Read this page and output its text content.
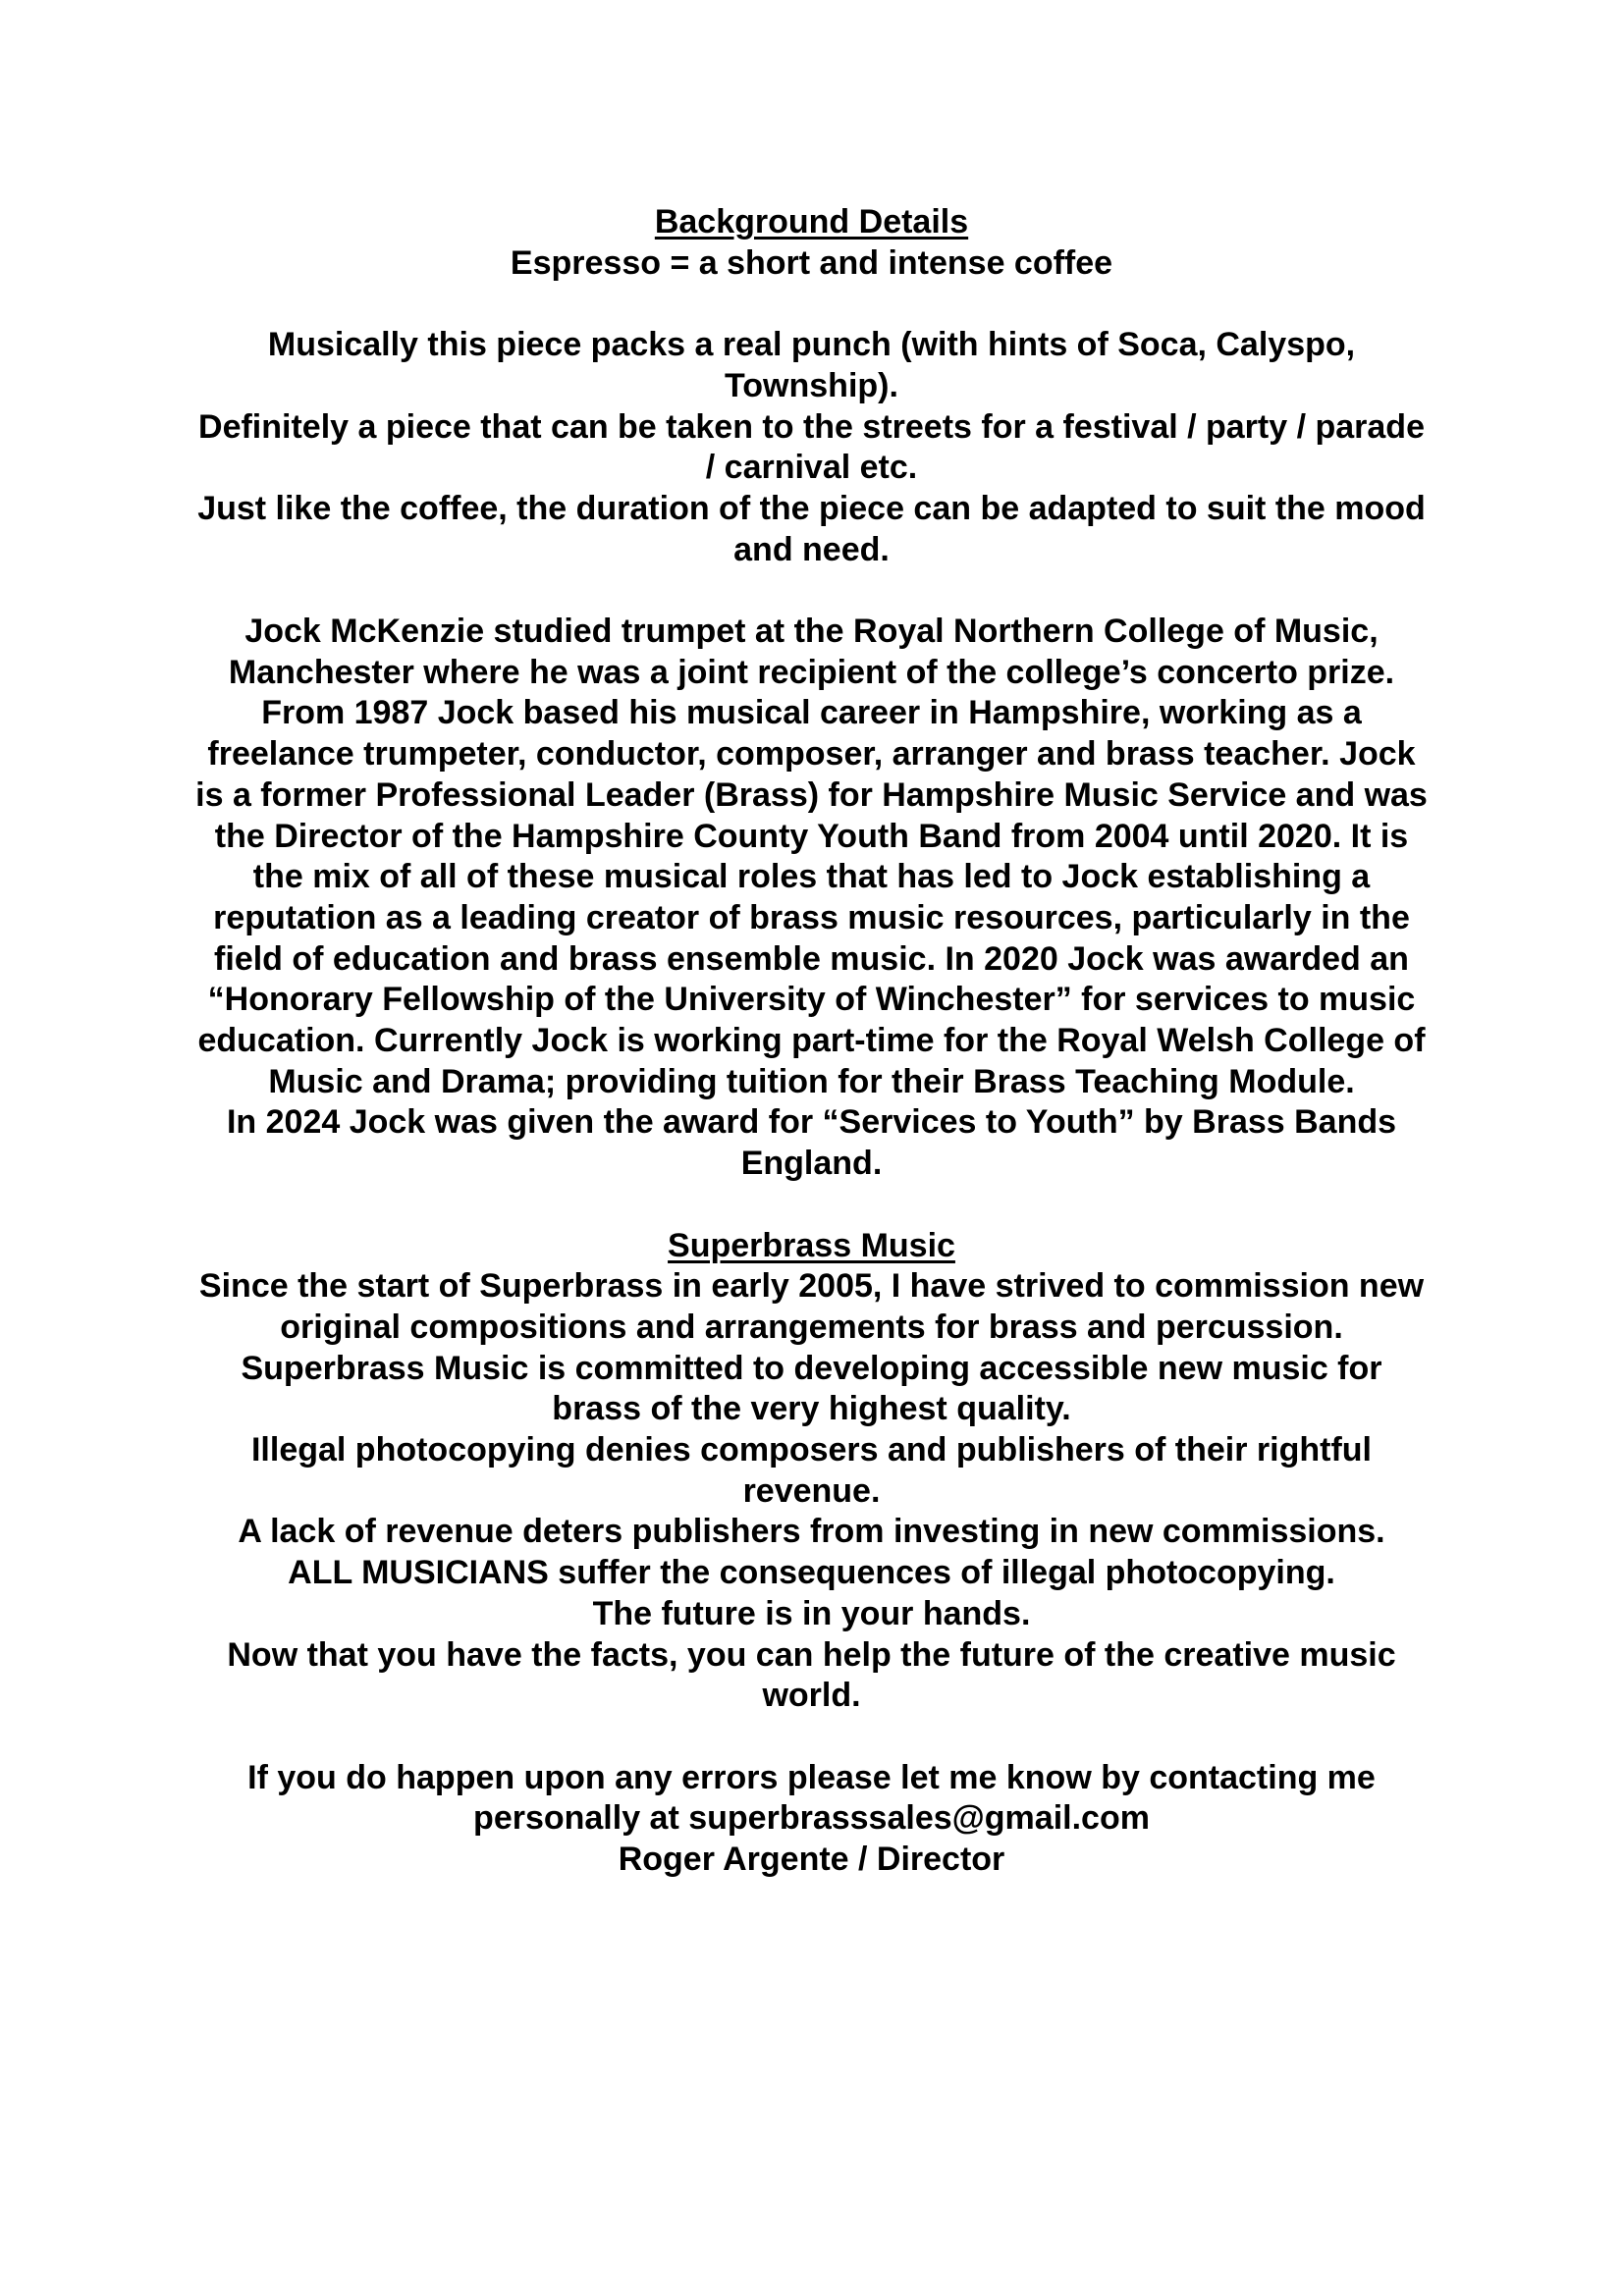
Background Details
Espresso = a short and intense coffee
Musically this piece packs a real punch (with hints of Soca, Calyspo,
Township).
Definitely a piece that can be taken to the streets for a festival / party / parade
/ carnival etc.
Just like the coffee, the duration of the piece can be adapted to suit the mood
and need.
Jock McKenzie studied trumpet at the Royal Northern College of Music,
Manchester where he was a joint recipient of the college’s concerto prize.
From 1987 Jock based his musical career in Hampshire, working as a
freelance trumpeter, conductor, composer, arranger and brass teacher. Jock
is a former Professional Leader (Brass) for Hampshire Music Service and was
the Director of the Hampshire County Youth Band from 2004 until 2020. It is
the mix of all of these musical roles that has led to Jock establishing a
reputation as a leading creator of brass music resources, particularly in the
field of education and brass ensemble music. In 2020 Jock was awarded an
“Honorary Fellowship of the University of Winchester” for services to music
education. Currently Jock is working part-time for the Royal Welsh College of
Music and Drama; providing tuition for their Brass Teaching Module.
In 2024 Jock was given the award for “Services to Youth” by Brass Bands
England.
Superbrass Music
Since the start of Superbrass in early 2005, I have strived to commission new
original compositions and arrangements for brass and percussion.
Superbrass Music is committed to developing accessible new music for
brass of the very highest quality.
Illegal photocopying denies composers and publishers of their rightful
revenue.
A lack of revenue deters publishers from investing in new commissions.
ALL MUSICIANS suffer the consequences of illegal photocopying.
The future is in your hands.
Now that you have the facts, you can help the future of the creative music
world.
If you do happen upon any errors please let me know by contacting me
personally at superbrasssales@gmail.com
Roger Argente / Director
